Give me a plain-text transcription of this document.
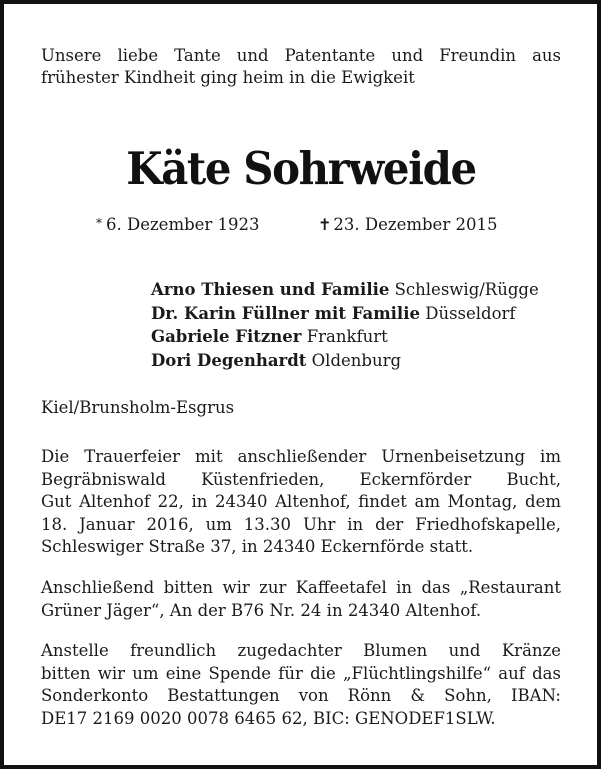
Unsere liebe Tante und Patentante und Freundin aus
frühester Kindheit ging heim in die Ewigkeit

Käte Sohrweide
* 6. Dezember 1923	✝ 23. Dezember 2015
Arno Thiesen und Familie Schleswig/Rügge
Dr. Karin Füllner mit Familie Düsseldorf
Gabriele Fitzner Frankfurt
Dori Degenhardt Oldenburg

Kiel/Brunsholm-Esgrus

Die Trauerfeier mit anschließender Urnenbeisetzung im
Begräbniswald Küstenfrieden, Eckernförder Bucht,
Gut Altenhof 22, in 24340 Altenhof, findet am Montag, dem
18. Januar 2016, um 13.30 Uhr in der Friedhofskapelle,
Schleswiger Straße 37, in 24340 Eckernförde statt.

Anschließend bitten wir zur Kaffeetafel in das „Restaurant
Grüner Jäger“, An der B76 Nr. 24 in 24340 Altenhof.

Anstelle freundlich zugedachter Blumen und Kränze
bitten wir um eine Spende für die „Flüchtlingshilfe“ auf das
Sonderkonto Bestattungen von Rönn & Sohn, IBAN:
DE17 2169 0020 0078 6465 62, BIC: GENODEF1SLW.
